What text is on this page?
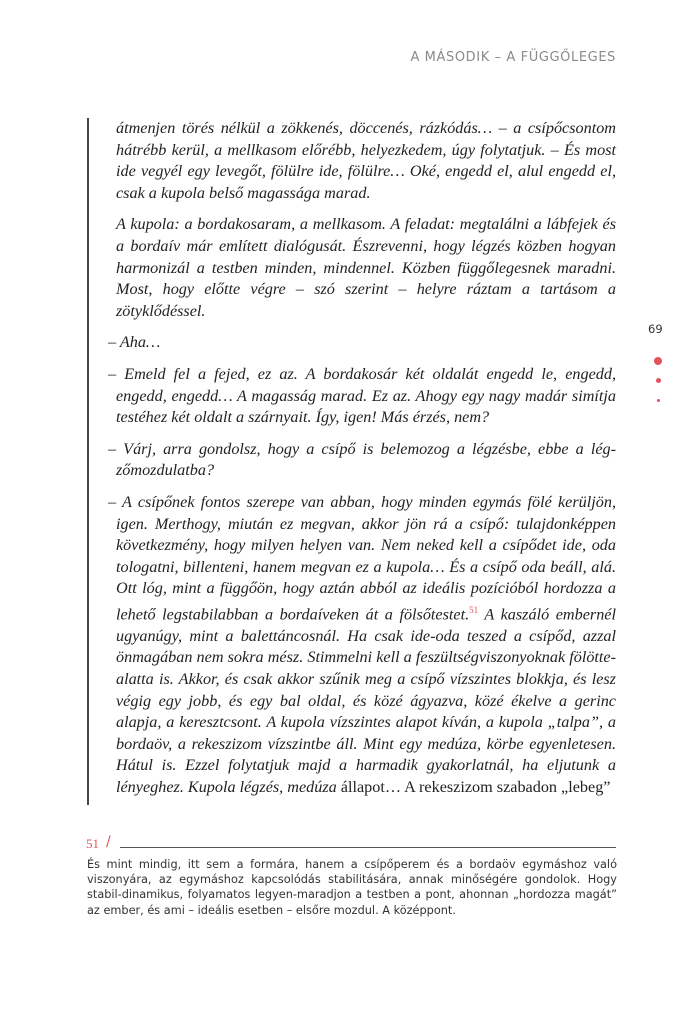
A MÁSODIK – A FÜGGŐLEGES
69

átmenjen törés nélkül a zökkenés, döccenés, rázkódás… – a csípőcsontom hátrébb kerül, a mellkasom előrébb, helyezkedem, úgy folytatjuk. – És most ide vegyél egy levegőt, fölülre ide, fölülre… Oké, engedd el, alul engedd el, csak a kupola belső magassága marad.

A kupola: a bordakosaram, a mellkasom. A feladat: megtalálni a lábfejek és a bordaív már említett dialógusát. Észrevenni, hogy légzés közben hogyan harmonizál a testben minden, mindennel. Közben függőlegesnek maradni. Most, hogy előtte végre – szó szerint – helyre ráztam a tartásom a zötyklődéssel.

– Aha…

– Emeld fel a fejed, ez az. A bordakosár két oldalát engedd le, engedd, engedd, engedd… A magasság marad. Ez az. Ahogy egy nagy madár simítja testéhez két oldalt a szárnyait. Így, igen! Más érzés, nem?

– Várj, arra gondolsz, hogy a csípő is belemozog a légzésbe, ebbe a légzőmozdulatba?

– A csípőnek fontos szerepe van abban, hogy minden egymás fölé kerüljön, igen. Merthogy, miután ez megvan, akkor jön rá a csípő: tulajdonképpen következmény, hogy milyen helyen van. Nem neked kell a csípődet ide, oda tologatni, billenteni, hanem megvan ez a kupola… És a csípő oda beáll, alá. Ott lóg, mint a függőön, hogy aztán abból az ideális pozícióból hordozza a lehető legstabilabban a bordaíveken át a fölsőtestet.$^{51}$ A kaszáló embernél ugyanúgy, mint a balettáncosnál. Ha csak ide-oda teszed a csípőd, azzal önmagában nem sokra mész. Stimmelni kell a feszültségviszonyoknak fölötte-alatta is. Akkor, és csak akkor szűnik meg a csípő vízszintes blokkja, és lesz végig egy jobb, és egy bal oldal, és közé ágyazva, közé ékelve a gerinc alapja, a keresztcsont. A kupola vízszintes alapot kíván, a kupola „talpa”, a bordaöv, a rekeszizom vízszintbe áll. Mint egy medúza, körbe egyenletesen. Hátul is. Ezzel folytatjuk majd a harmadik gyakorlatnál, ha eljutunk a lényeghez. Kupola légzés, medúza állapot… A rekeszizom szabadon „lebeg”

51 /
És mint mindig, itt sem a formára, hanem a csípőperem és a bordaöv egymáshoz való viszonyára, az egymáshoz kapcsolódás stabilitására, annak minőségére gondolok. Hogy stabil-dinamikus, folyamatos legyen-maradjon a testben a pont, ahonnan „hordozza magát” az ember, és ami – ideális esetben – elsőre mozdul. A középpont.
